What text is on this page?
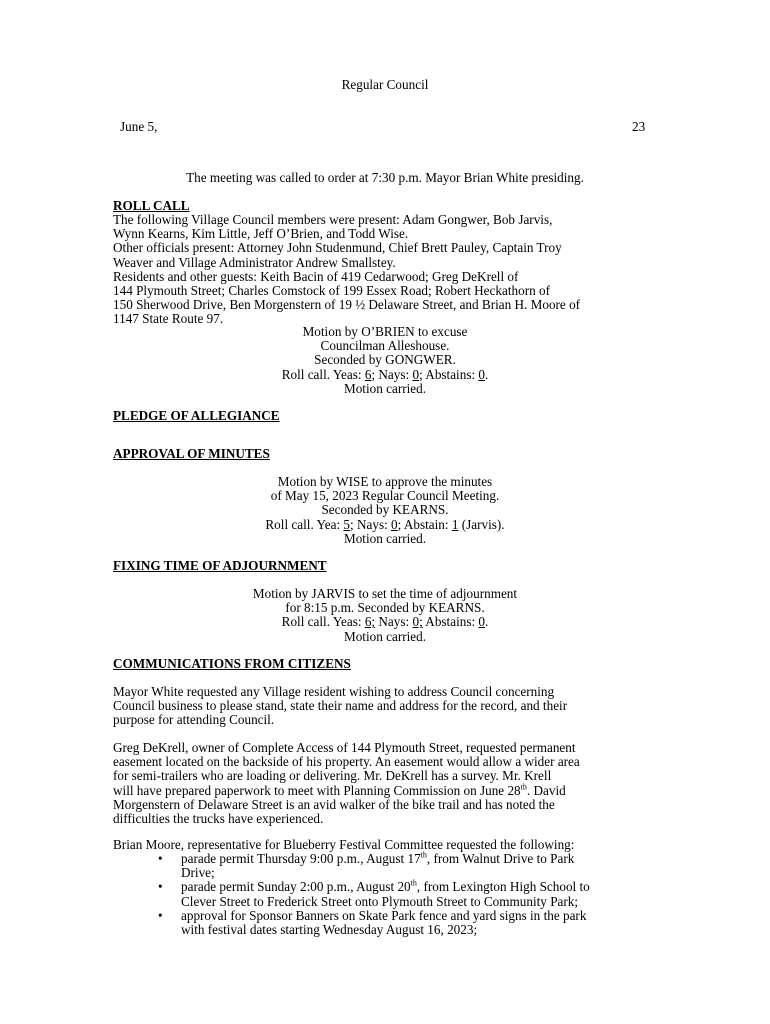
Regular Council
June 5,	23
The meeting was called to order at 7:30 p.m. Mayor Brian White presiding.
ROLL CALL
The following Village Council members were present: Adam Gongwer, Bob Jarvis,
Wynn Kearns, Kim Little, Jeff O’Brien, and Todd Wise.
Other officials present: Attorney John Studenmund, Chief Brett Pauley, Captain Troy
Weaver and Village Administrator Andrew Smallstey.
Residents and other guests: Keith Bacin of 419 Cedarwood; Greg DeKrell of
144 Plymouth Street; Charles Comstock of 199 Essex Road; Robert Heckathorn of
150 Sherwood Drive, Ben Morgenstern of 19 ½ Delaware Street, and Brian H. Moore of
1147 State Route 97.
Motion by O’BRIEN to excuse
Councilman Alleshouse.
Seconded by GONGWER.
Roll call. Yeas: 6; Nays: 0; Abstains: 0.
Motion carried.
PLEDGE OF ALLEGIANCE
APPROVAL OF MINUTES
Motion by WISE to approve the minutes
of May 15, 2023 Regular Council Meeting.
Seconded by KEARNS.
Roll call. Yea: 5; Nays: 0; Abstain: 1 (Jarvis).
Motion carried.
FIXING TIME OF ADJOURNMENT
Motion by JARVIS to set the time of adjournment
for 8:15 p.m. Seconded by KEARNS.
Roll call. Yeas: 6; Nays: 0; Abstains: 0.
Motion carried.
COMMUNICATIONS FROM CITIZENS
Mayor White requested any Village resident wishing to address Council concerning
Council business to please stand, state their name and address for the record, and their
purpose for attending Council.
Greg DeKrell, owner of Complete Access of 144 Plymouth Street, requested permanent
easement located on the backside of his property. An easement would allow a wider area
for semi-trailers who are loading or delivering. Mr. DeKrell has a survey. Mr. Krell
will have prepared paperwork to meet with Planning Commission on June 28th. David
Morgenstern of Delaware Street is an avid walker of the bike trail and has noted the
difficulties the trucks have experienced.
Brian Moore, representative for Blueberry Festival Committee requested the following:
• parade permit Thursday 9:00 p.m., August 17th, from Walnut Drive to Park
Drive;
• parade permit Sunday 2:00 p.m., August 20th, from Lexington High School to
Clever Street to Frederick Street onto Plymouth Street to Community Park;
• approval for Sponsor Banners on Skate Park fence and yard signs in the park
with festival dates starting Wednesday August 16, 2023;
